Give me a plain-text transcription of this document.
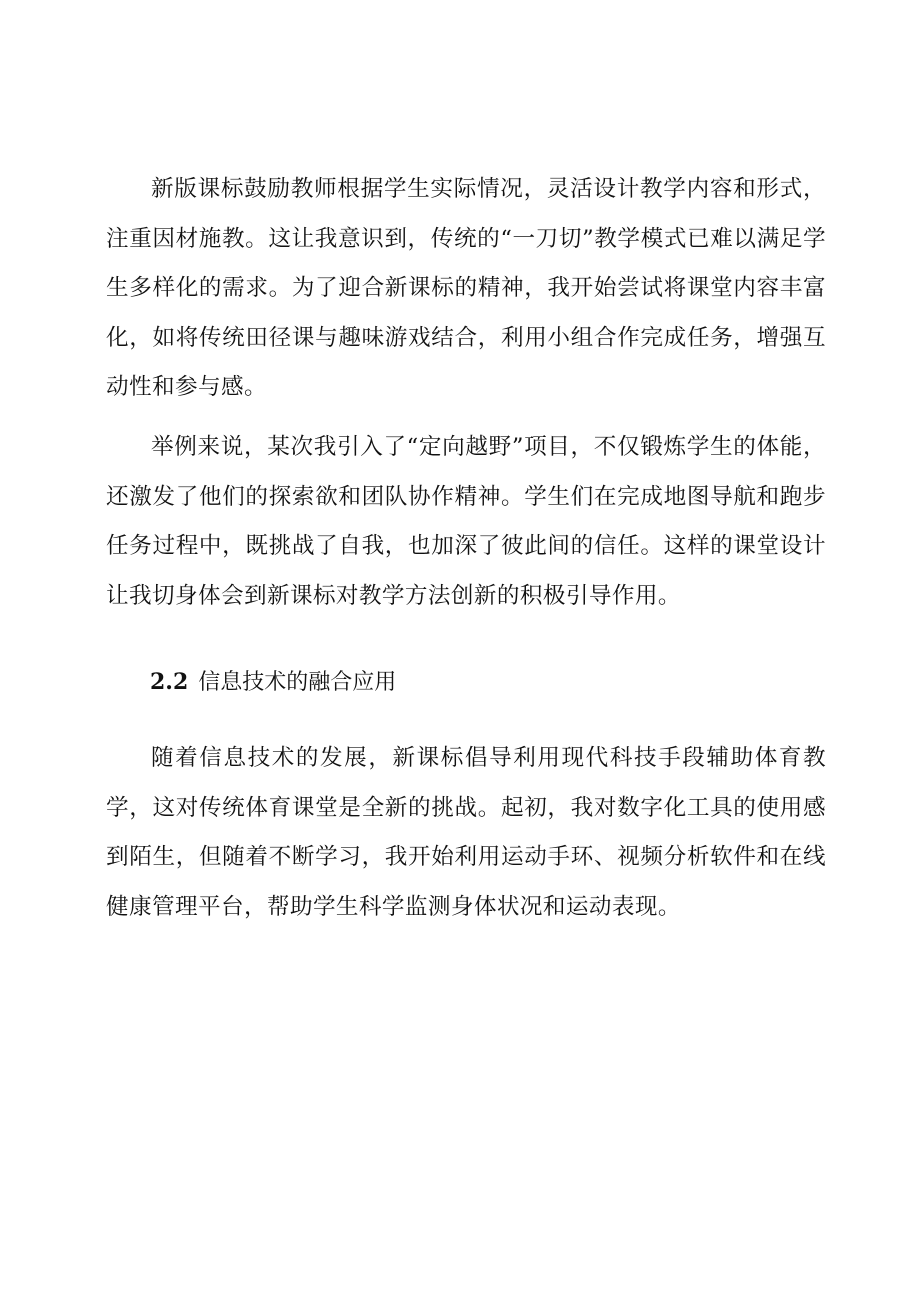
新版课标鼓励教师根据学生实际情况，灵活设计教学内容和形式，注重因材施教。这让我意识到，传统的“一刀切”教学模式已难以满足学生多样化的需求。为了迎合新课标的精神，我开始尝试将课堂内容丰富化，如将传统田径课与趣味游戏结合，利用小组合作完成任务，增强互动性和参与感。

举例来说，某次我引入了“定向越野”项目，不仅锻炼学生的体能，还激发了他们的探索欲和团队协作精神。学生们在完成地图导航和跑步任务过程中，既挑战了自我，也加深了彼此间的信任。这样的课堂设计让我切身体会到新课标对教学方法创新的积极引导作用。

2.2 信息技术的融合应用

随着信息技术的发展，新课标倡导利用现代科技手段辅助体育教学，这对传统体育课堂是全新的挑战。起初，我对数字化工具的使用感到陌生，但随着不断学习，我开始利用运动手环、视频分析软件和在线健康管理平台，帮助学生科学监测身体状况和运动表现。
